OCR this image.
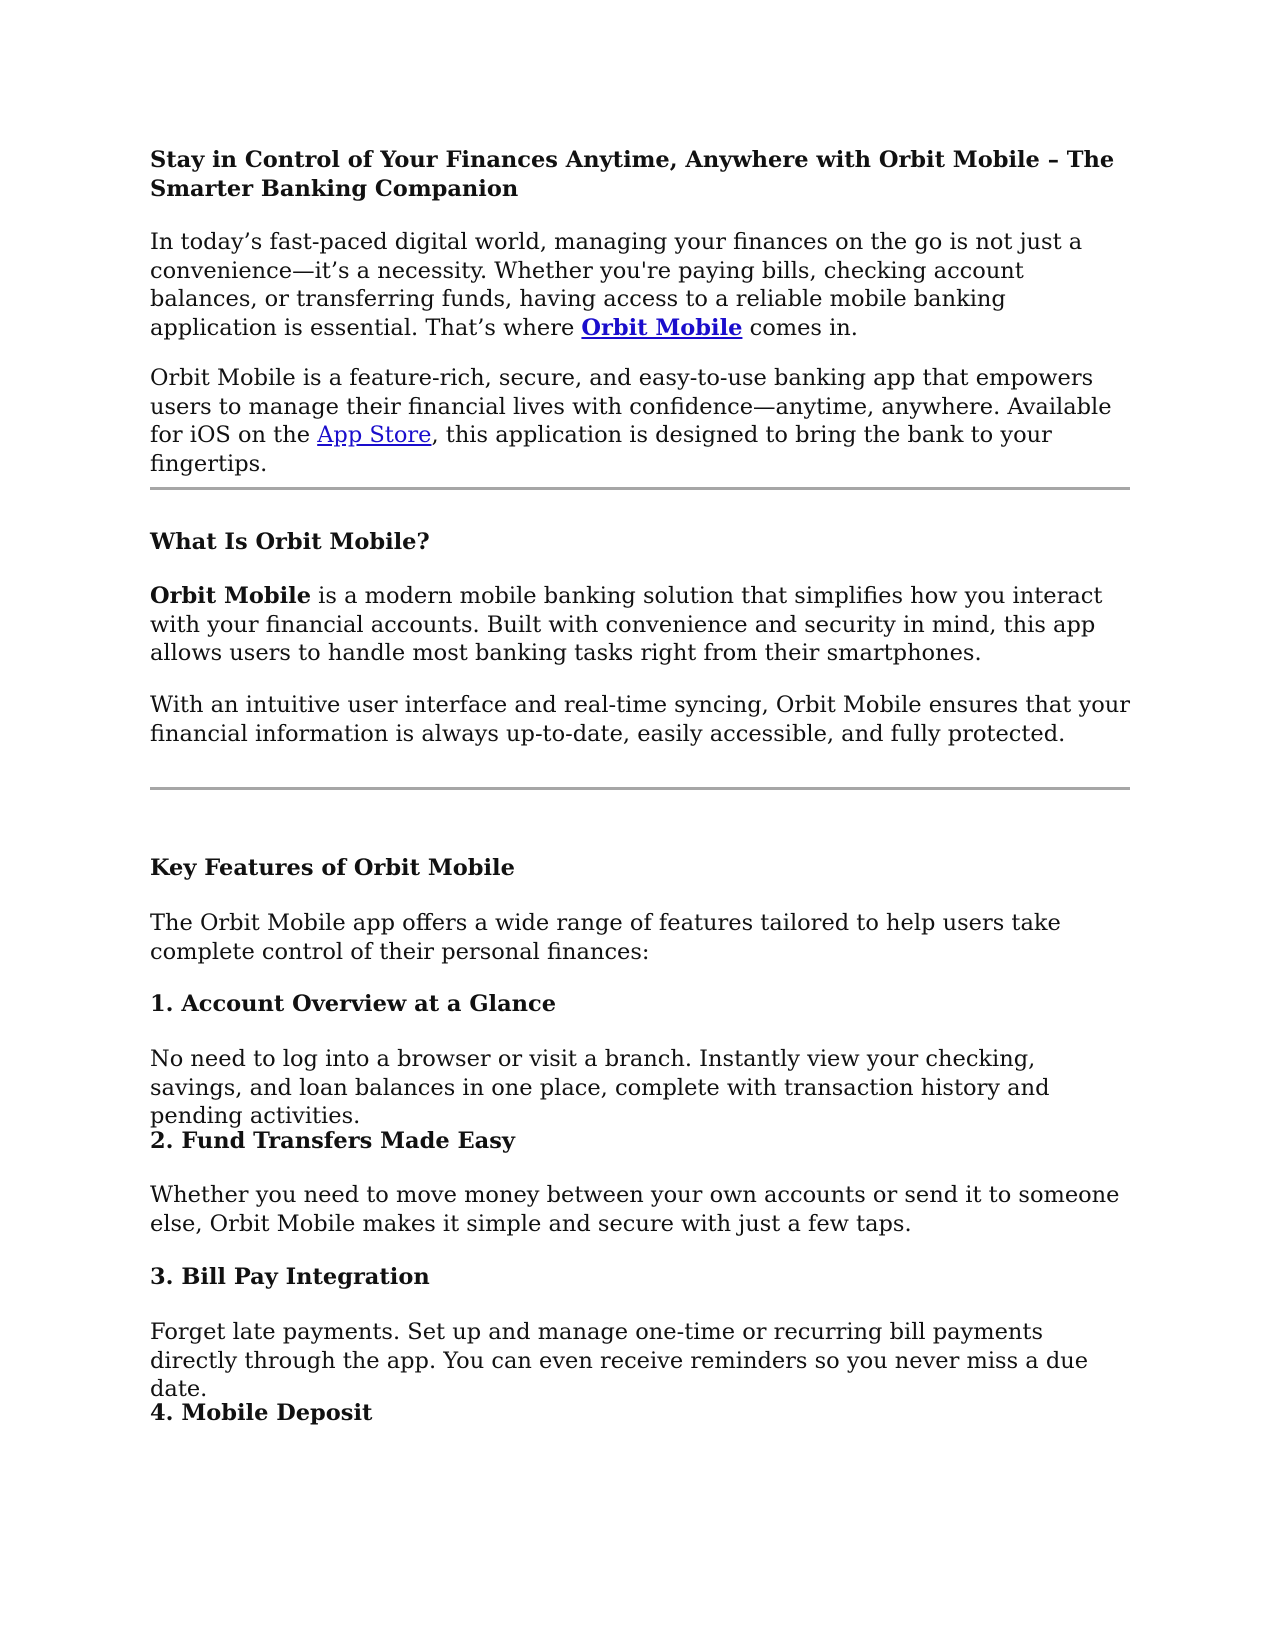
Stay in Control of Your Finances Anytime, Anywhere with Orbit Mobile – The Smarter Banking Companion

In today’s fast-paced digital world, managing your finances on the go is not just a convenience—it’s a necessity. Whether you're paying bills, checking account balances, or transferring funds, having access to a reliable mobile banking application is essential. That’s where Orbit Mobile comes in.

Orbit Mobile is a feature-rich, secure, and easy-to-use banking app that empowers users to manage their financial lives with confidence—anytime, anywhere. Available for iOS on the App Store, this application is designed to bring the bank to your fingertips.

What Is Orbit Mobile?

Orbit Mobile is a modern mobile banking solution that simplifies how you interact with your financial accounts. Built with convenience and security in mind, this app allows users to handle most banking tasks right from their smartphones.

With an intuitive user interface and real-time syncing, Orbit Mobile ensures that your financial information is always up-to-date, easily accessible, and fully protected.

Key Features of Orbit Mobile

The Orbit Mobile app offers a wide range of features tailored to help users take complete control of their personal finances:

1. Account Overview at a Glance

No need to log into a browser or visit a branch. Instantly view your checking, savings, and loan balances in one place, complete with transaction history and pending activities.

2. Fund Transfers Made Easy

Whether you need to move money between your own accounts or send it to someone else, Orbit Mobile makes it simple and secure with just a few taps.

3. Bill Pay Integration

Forget late payments. Set up and manage one-time or recurring bill payments directly through the app. You can even receive reminders so you never miss a due date.

4. Mobile Deposit
